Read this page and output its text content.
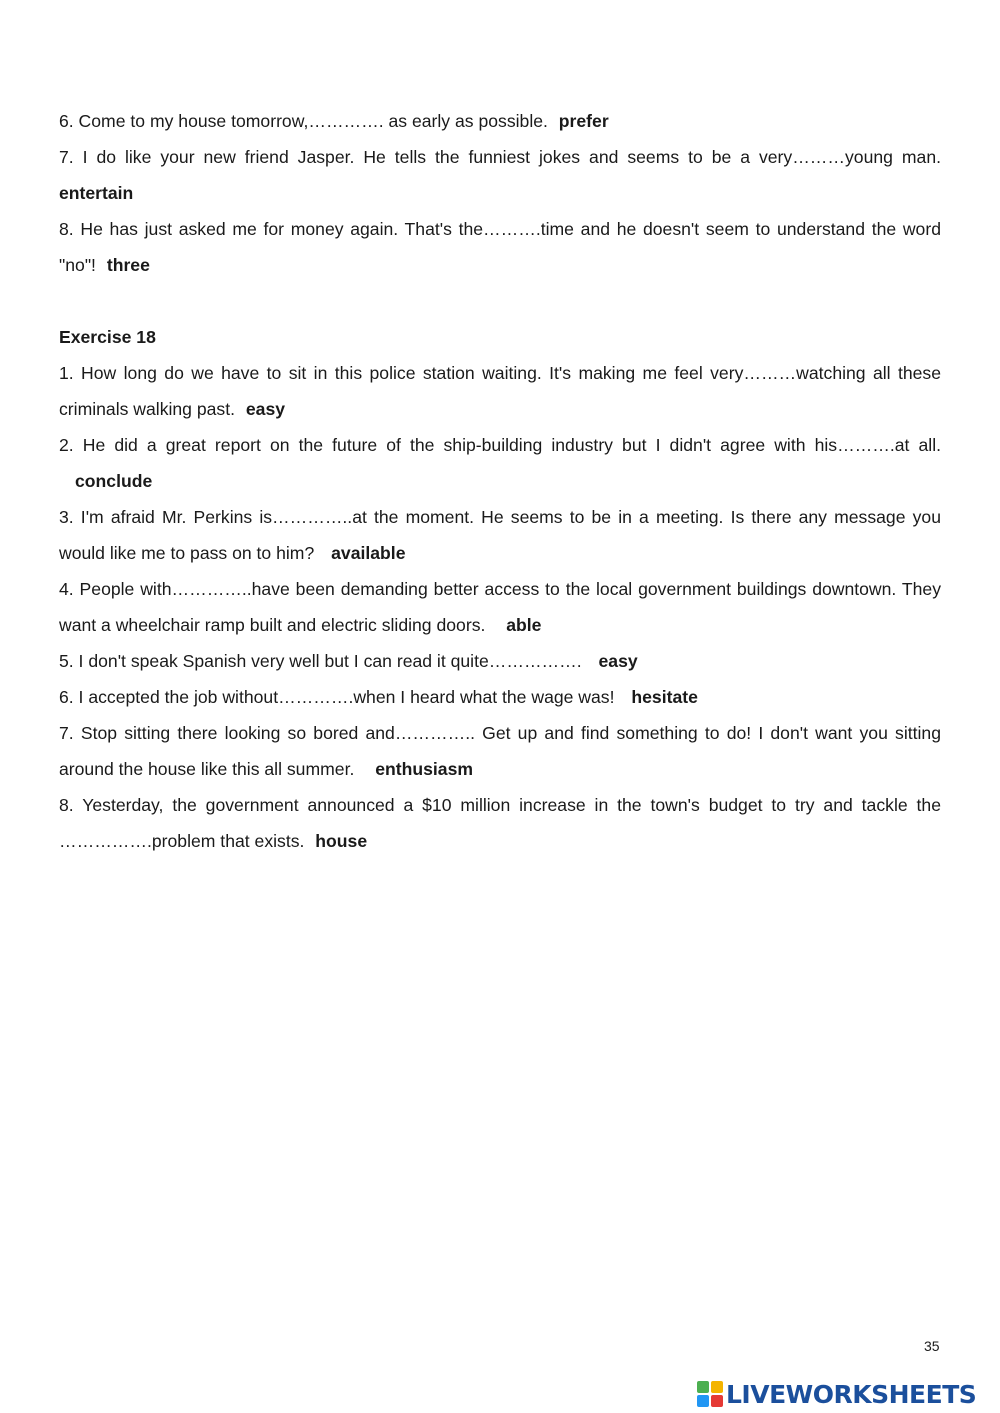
6. Come to my house tomorrow,…………. as early as possible. prefer

7. I do like your new friend Jasper. He tells the funniest jokes and seems to be a very………young man. entertain

8. He has just asked me for money again. That's the……….time and he doesn't seem to understand the word "no"! three

Exercise 18

1. How long do we have to sit in this police station waiting. It's making me feel very………watching all these criminals walking past. easy

2. He did a great report on the future of the ship-building industry but I didn't agree with his……….at all. conclude

3. I'm afraid Mr. Perkins is…………..at the moment. He seems to be in a meeting. Is there any message you would like me to pass on to him? available

4. People with…………..have been demanding better access to the local government buildings downtown. They want a wheelchair ramp built and electric sliding doors. able

5. I don't speak Spanish very well but I can read it quite……………. easy

6. I accepted the job without………….when I heard what the wage was! hesitate

7. Stop sitting there looking so bored and………….. Get up and find something to do! I don't want you sitting around the house like this all summer. enthusiasm

8. Yesterday, the government announced a $10 million increase in the town's budget to try and tackle the …………….problem that exists. house

35
LIVEWORKSHEETS
